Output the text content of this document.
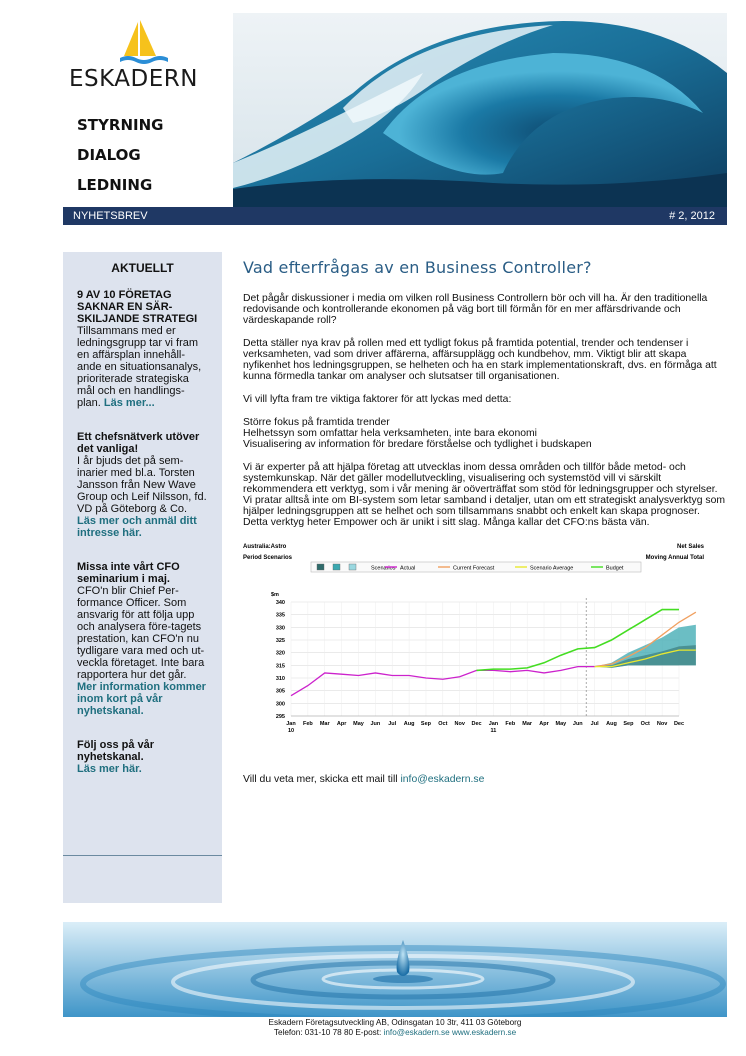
ESKADERN
STYRNING
DIALOG
LEDNING
NYHETSBREV	# 2, 2012
AKTUELLT
9 AV 10 FÖRETAG SAKNAR EN SÄR-SKILJANDE STRATEGI
Tillsammans med er ledningsgrupp tar vi fram en affärsplan innehåll-ande en situationsanalys, prioriterade strategiska mål och en handlings-plan. Läs mer...
Ett chefsnätverk utöver det vanliga!
I år bjuds det på sem-inarier med bl.a. Torsten Jansson från New Wave Group och Leif Nilsson, fd. VD på Göteborg & Co.
Läs mer och anmäl ditt intresse här.
Missa inte vårt CFO seminarium i maj.
CFO'n blir Chief Per-formance Officer. Som ansvarig för att följa upp och analysera före-tagets prestation, kan CFO'n nu tydligare vara med och ut-veckla företaget. Inte bara rapportera hur det går.
Mer information kommer inom kort på vår nyhetskanal.
Följ oss på vår nyhetskanal.
Läs mer här.
Vad efterfrågas av en Business Controller?

Det pågår diskussioner i media om vilken roll Business Controllern bör och vill ha. Är den traditionella redovisande och kontrollerande ekonomen på väg bort till förmån för en mer affärsdrivande och värdeskapande roll?

Detta ställer nya krav på rollen med ett tydligt fokus på framtida potential, trender och tendenser i verksamheten, vad som driver affärerna, affärsupplägg och kundbehov, mm. Viktigt blir att skapa nyfikenhet hos ledningsgruppen, se helheten och ha en stark implementationskraft, dvs. en förmåga att kunna förmedla tankar om analyser och slutsatser till organisationen.

Vi vill lyfta fram tre viktiga faktorer för att lyckas med detta:

Större fokus på framtida trender
Helhetssyn som omfattar hela verksamheten, inte bara ekonomi
Visualisering av information för bredare förståelse och tydlighet i budskapen

Vi är experter på att hjälpa företag att utvecklas inom dessa områden och tillför både metod- och systemkunskap. När det gäller modellutveckling, visualisering och systemstöd vill vi särskilt rekommendera ett verktyg, som i vår mening är oöverträffat som stöd för ledningsgrupper och styrelser. Vi pratar alltså inte om BI-system som letar samband i detaljer, utan om ett strategiskt analysverktyg som hjälper ledningsgruppen att se helhet och som tillsammans snabbt och enkelt kan skapa prognoser. Detta verktyg heter Empower och är unikt i sitt slag. Många kallar det CFO:ns bästa vän.

Australia:Astro
Period Scenarios
Net Sales
Moving Annual Total
Scenarios Actual	Current Forecast	Scenario Average	Budget
$m
295
300
305
310
315
320
325
330
335
340
Jan Feb Mar Apr May Jun Jul Aug Sep Oct Nov Dec Jan Feb Mar Apr May Jun Jul Aug Sep Oct Nov Dec
10	11

Vill du veta mer, skicka ett mail till info@eskadern.se

Eskadern Företagsutveckling AB, Odinsgatan 10 3tr, 411 03 Göteborg
Telefon: 031-10 78 80 E-post: info@eskadern.se www.eskadern.se
